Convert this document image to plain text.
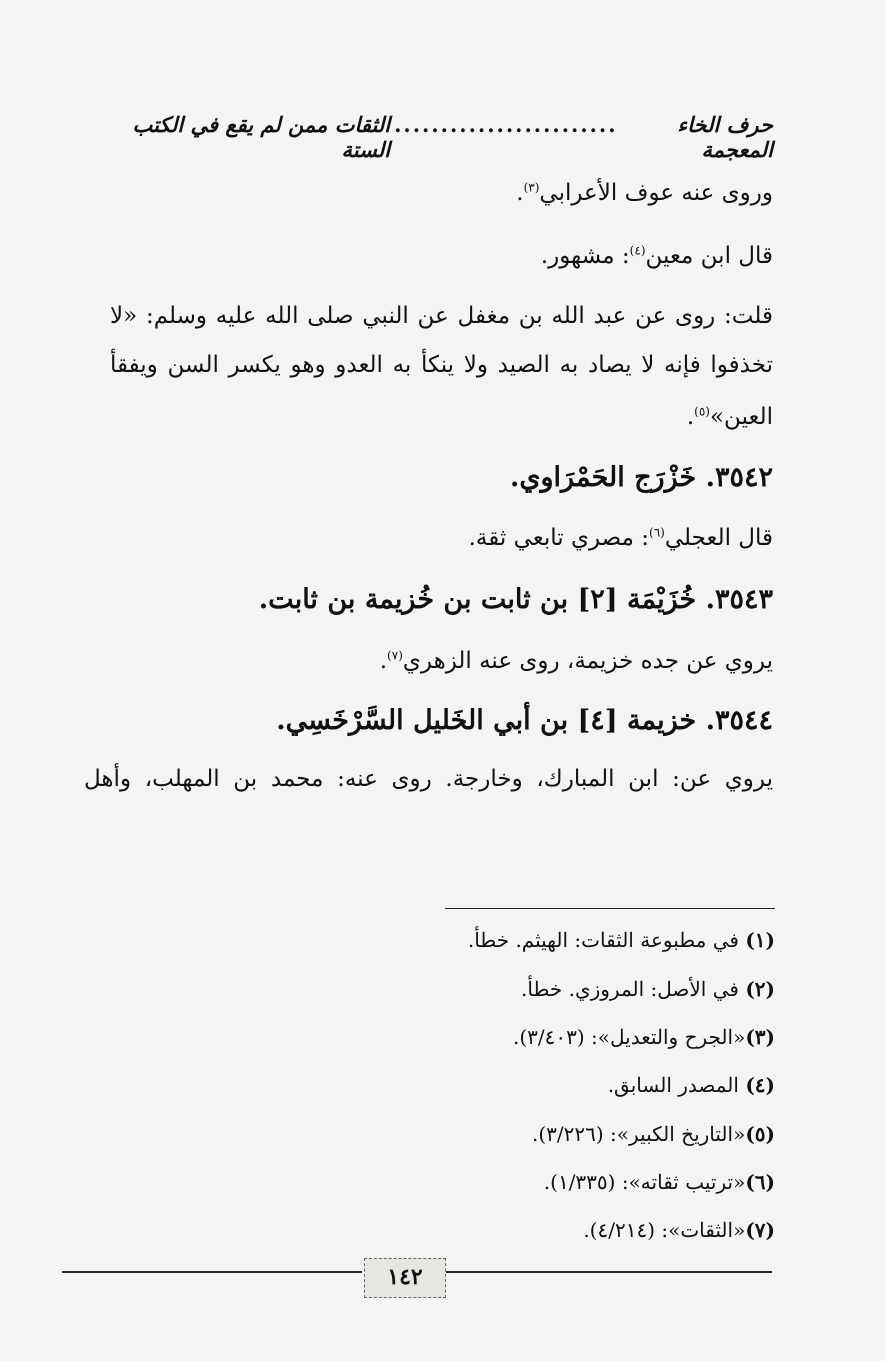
حرف الخاء المعجمة
........................
الثقات ممن لم يقع في الكتب الستة
وروى عنه عوف الأعرابي$^{(٣)}$.
قال ابن معين$^{(٤)}$: مشهور.
قلت: روى عن عبد الله بن مغفل عن النبي صلى الله عليه وسلم: «لا
تخذفوا فإنه لا يصاد به الصيد ولا ينكأ به العدو وهو يكسر السن ويفقأ
العين»$^{(٥)}$.
٣٥٤٢. خَزْرَج الحَمْرَاوي.
قال العجلي$^{(٦)}$: مصري تابعي ثقة.
٣٥٤٣. خُزَيْمَة [٢] بن ثابت بن خُزيمة بن ثابت.
يروي عن جده خزيمة، روى عنه الزهري$^{(٧)}$.
٣٥٤٤. خزيمة [٤] بن أبي الخَليل السَّرْخَسِي.
يروي عن: ابن المبارك، وخارجة. روى عنه: محمد بن المهلب، وأهل
(١) في مطبوعة الثقات: الهيثم. خطأ.
(٢) في الأصل: المروزي. خطأ.
(٣)«الجرح والتعديل»: (٣/٤٠٣).
(٤) المصدر السابق.
(٥)«التاريخ الكبير»: (٣/٢٢٦).
(٦)«ترتيب ثقاته»: (١/٣٣٥).
(٧)«الثقات»: (٤/٢١٤).
١٤٢
